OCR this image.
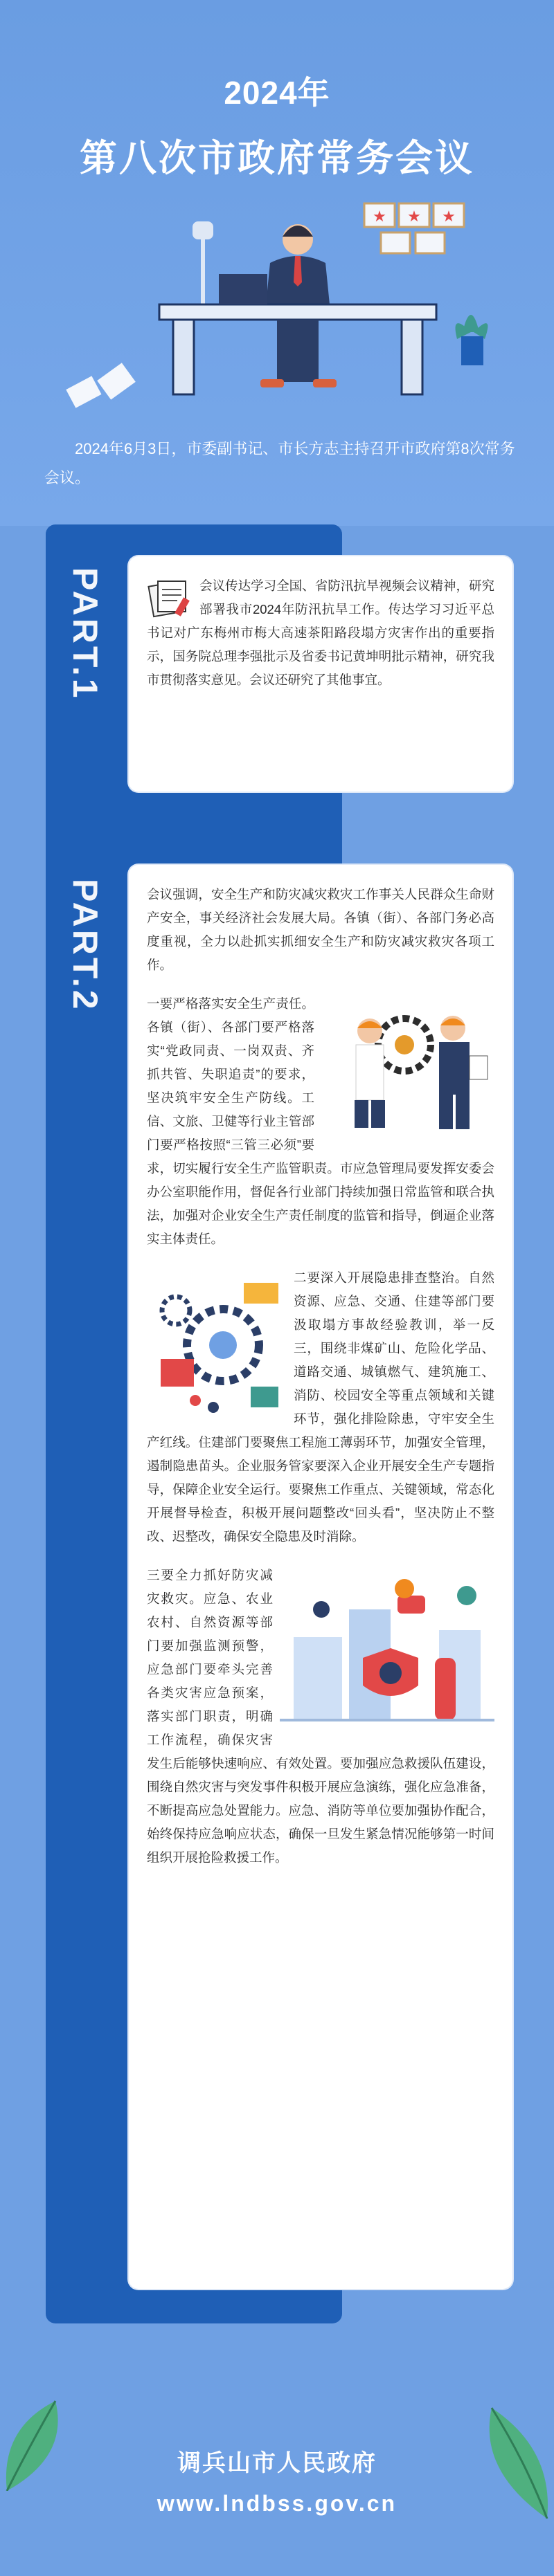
2024年
第八次市政府常务会议
★ ★ ★

2024年6月3日，市委副书记、市长方志主持召开市政府第8次常务会议。

PART.1
PART.2

会议传达学习全国、省防汛抗旱视频会议精神，研究部署我市2024年防汛抗旱工作。传达学习习近平总书记对广东梅州市梅大高速茶阳路段塌方灾害作出的重要指示，国务院总理李强批示及省委书记黄坤明批示精神，研究我市贯彻落实意见。会议还研究了其他事宜。

会议强调，安全生产和防灾减灾救灾工作事关人民群众生命财产安全，事关经济社会发展大局。各镇（街）、各部门务必高度重视，全力以赴抓实抓细安全生产和防灾减灾救灾各项工作。

一要严格落实安全生产责任。各镇（街）、各部门要严格落实“党政同责、一岗双责、齐抓共管、失职追责”的要求，坚决筑牢安全生产防线。工信、文旅、卫健等行业主管部门要严格按照“三管三必须”要求，切实履行安全生产监管职责。市应急管理局要发挥安委会办公室职能作用，督促各行业部门持续加强日常监管和联合执法，加强对企业安全生产责任制度的监管和指导，倒逼企业落实主体责任。

二要深入开展隐患排查整治。自然资源、应急、交通、住建等部门要汲取塌方事故经验教训，举一反三，围绕非煤矿山、危险化学品、道路交通、城镇燃气、建筑施工、消防、校园安全等重点领域和关键环节，强化排险除患，守牢安全生产红线。住建部门要聚焦工程施工薄弱环节，加强安全管理，遏制隐患苗头。企业服务管家要深入企业开展安全生产专题指导，保障企业安全运行。要聚焦工作重点、关键领域，常态化开展督导检查，积极开展问题整改“回头看”，坚决防止不整改、迟整改，确保安全隐患及时消除。

三要全力抓好防灾减灾救灾。应急、农业农村、自然资源等部门要加强监测预警，应急部门要牵头完善各类灾害应急预案，落实部门职责，明确工作流程，确保灾害发生后能够快速响应、有效处置。要加强应急救援队伍建设，围绕自然灾害与突发事件积极开展应急演练，强化应急准备，不断提高应急处置能力。应急、消防等单位要加强协作配合，始终保持应急响应状态，确保一旦发生紧急情况能够第一时间组织开展抢险救援工作。

调兵山市人民政府
www.lndbss.gov.cn
